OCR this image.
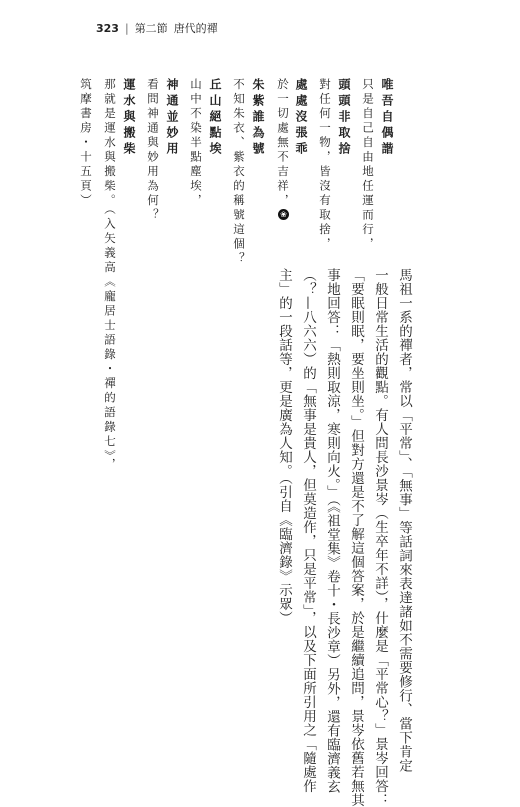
323 | 第二節 唐代的禪
唯吾自偶諧
只是自己自由地任運而行，
頭頭非取捨
對任何一物，皆沒有取捨，
處處沒張乖
於一切處無不吉祥，❀
朱紫誰為號
不知朱衣、紫衣的稱號這個？
丘山絕點埃
山中不染半點塵埃，
神通並妙用
看問神通與妙用為何？
運水與搬柴
那就是運水與搬柴。（入矢義高《龐居士語錄・禪的語錄七》，
筑摩書房・十五頁）
馬祖一系的禪者，常以「平常」、「無事」等話詞來表達諸如不需要修行、當下肯定
一般日常生活的觀點。有人問長沙景岑（生卒年不詳），什麼是「平常心？」景岑回答：
「要眠則眠，要坐則坐。」但對方還是不了解這個答案，於是繼續追問，景岑依舊若無其
事地回答：「熱則取涼，寒則向火。」（《祖堂集》卷十・長沙章）另外，還有臨濟義玄
（？—八六六）的「無事是貴人，但莫造作，只是平常」，以及下面所引用之「隨處作
主」的一段話等，更是廣為人知。（引自《臨濟錄》示眾）
